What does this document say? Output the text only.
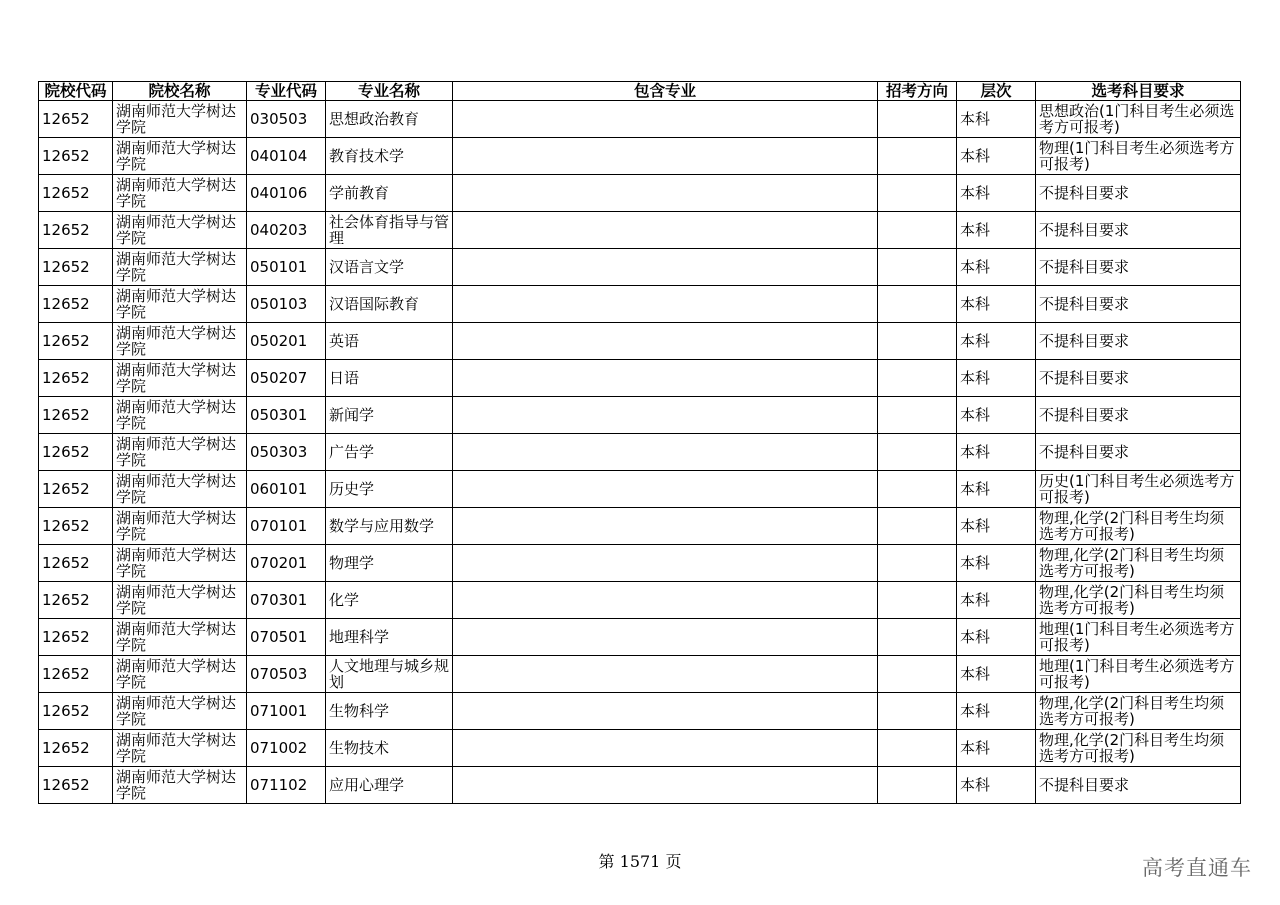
院校代码	院校名称	专业代码	专业名称	包含专业	招考方向	层次	选考科目要求
12652	湖南师范大学树达学院	030503	思想政治教育			本科	思想政治(1门科目考生必须选考方可报考)
12652	湖南师范大学树达学院	040104	教育技术学			本科	物理(1门科目考生必须选考方可报考)
12652	湖南师范大学树达学院	040106	学前教育			本科	不提科目要求
12652	湖南师范大学树达学院	040203	社会体育指导与管理			本科	不提科目要求
12652	湖南师范大学树达学院	050101	汉语言文学			本科	不提科目要求
12652	湖南师范大学树达学院	050103	汉语国际教育			本科	不提科目要求
12652	湖南师范大学树达学院	050201	英语			本科	不提科目要求
12652	湖南师范大学树达学院	050207	日语			本科	不提科目要求
12652	湖南师范大学树达学院	050301	新闻学			本科	不提科目要求
12652	湖南师范大学树达学院	050303	广告学			本科	不提科目要求
12652	湖南师范大学树达学院	060101	历史学			本科	历史(1门科目考生必须选考方可报考)
12652	湖南师范大学树达学院	070101	数学与应用数学			本科	物理,化学(2门科目考生均须选考方可报考)
12652	湖南师范大学树达学院	070201	物理学			本科	物理,化学(2门科目考生均须选考方可报考)
12652	湖南师范大学树达学院	070301	化学			本科	物理,化学(2门科目考生均须选考方可报考)
12652	湖南师范大学树达学院	070501	地理科学			本科	地理(1门科目考生必须选考方可报考)
12652	湖南师范大学树达学院	070503	人文地理与城乡规划			本科	地理(1门科目考生必须选考方可报考)
12652	湖南师范大学树达学院	071001	生物科学			本科	物理,化学(2门科目考生均须选考方可报考)
12652	湖南师范大学树达学院	071002	生物技术			本科	物理,化学(2门科目考生均须选考方可报考)
12652	湖南师范大学树达学院	071102	应用心理学			本科	不提科目要求
第 1571 页	高考直通车
